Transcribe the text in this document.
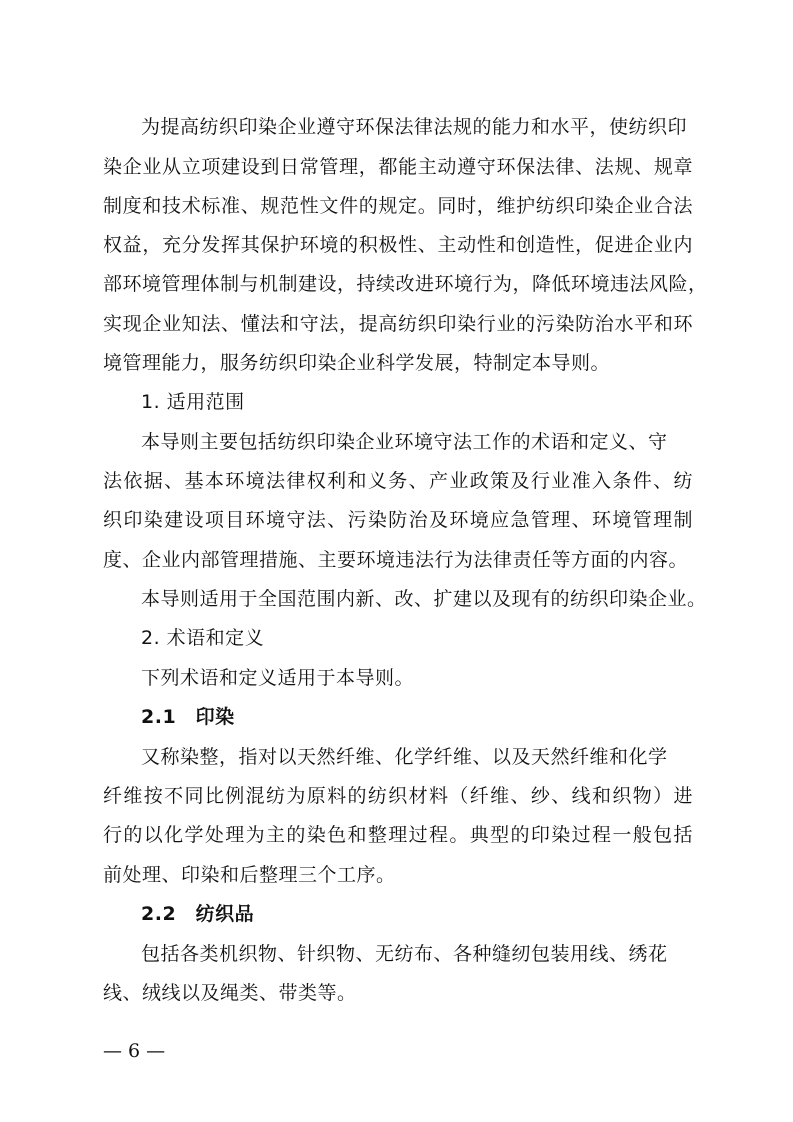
为提高纺织印染企业遵守环保法律法规的能力和水平，使纺织印
染企业从立项建设到日常管理，都能主动遵守环保法律、法规、规章
制度和技术标准、规范性文件的规定。同时，维护纺织印染企业合法
权益，充分发挥其保护环境的积极性、主动性和创造性，促进企业内
部环境管理体制与机制建设，持续改进环境行为，降低环境违法风险，
实现企业知法、懂法和守法，提高纺织印染行业的污染防治水平和环
境管理能力，服务纺织印染企业科学发展，特制定本导则。
1. 适用范围
本导则主要包括纺织印染企业环境守法工作的术语和定义、守
法依据、基本环境法律权利和义务、产业政策及行业准入条件、纺
织印染建设项目环境守法、污染防治及环境应急管理、环境管理制
度、企业内部管理措施、主要环境违法行为法律责任等方面的内容。
本导则适用于全国范围内新、改、扩建以及现有的纺织印染企业。
2. 术语和定义
下列术语和定义适用于本导则。
2.1　印染
又称染整，指对以天然纤维、化学纤维、以及天然纤维和化学
纤维按不同比例混纺为原料的纺织材料（纤维、纱、线和织物）进
行的以化学处理为主的染色和整理过程。典型的印染过程一般包括
前处理、印染和后整理三个工序。
2.2　纺织品
包括各类机织物、针织物、无纺布、各种缝纫包装用线、绣花
线、绒线以及绳类、带类等。
— 6 —
